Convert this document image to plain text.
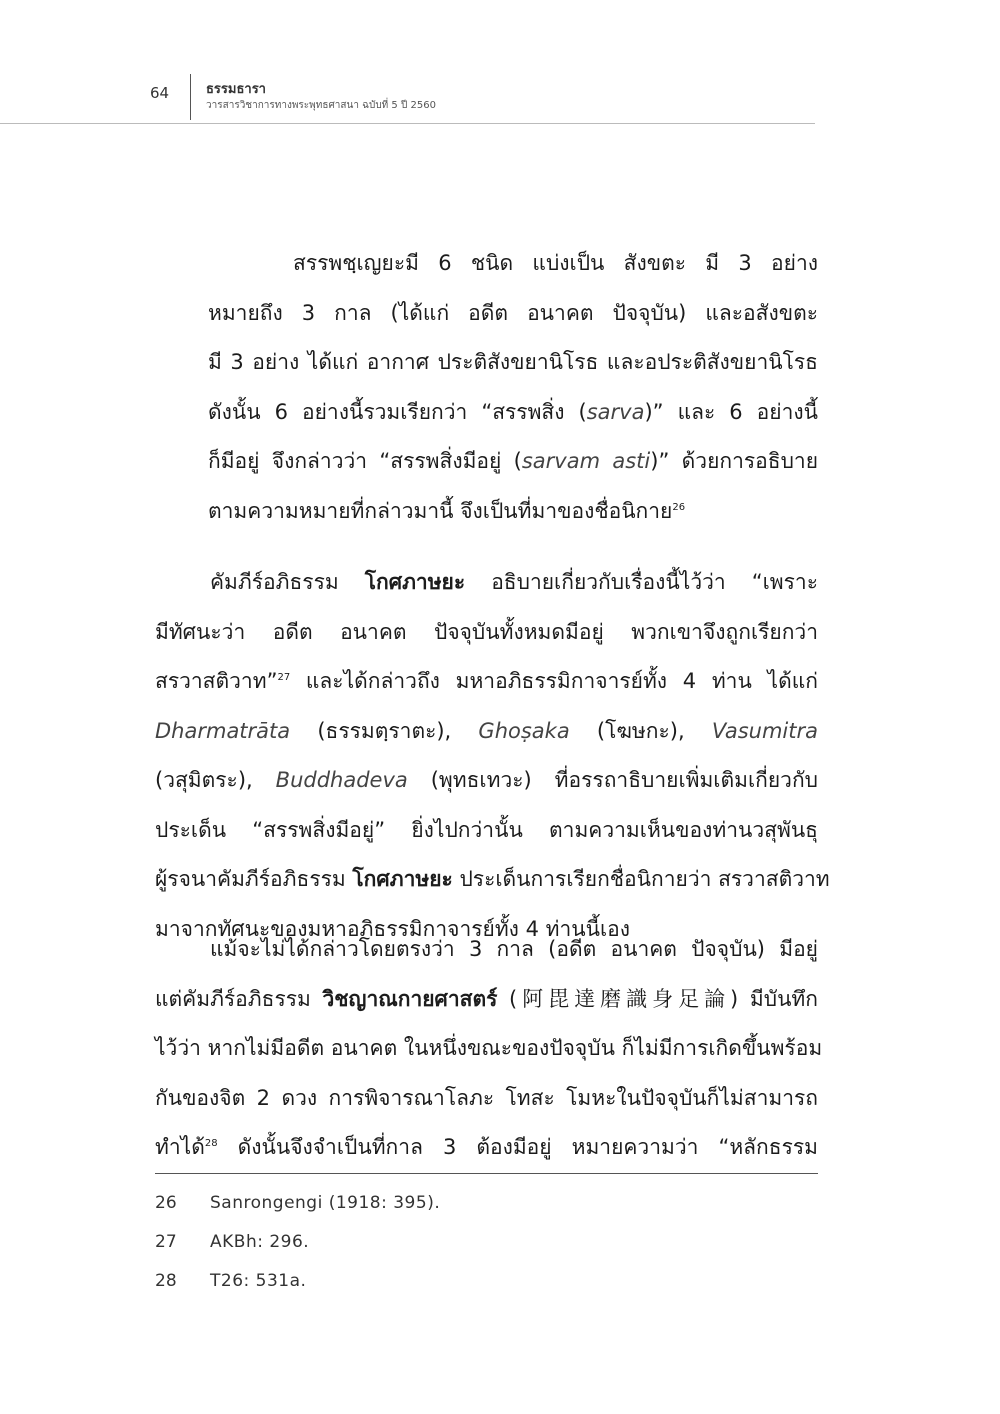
64	ธรรมธารา
วารสารวิชาการทางพระพุทธศาสนา ฉบับที่ 5 ปี 2560
สรรพชฺเญยะมี 6 ชนิด แบ่งเป็น สังขตะ มี 3 อย่าง
หมายถึง 3 กาล (ได้แก่ อดีต อนาคต ปัจจุบัน) และอสังขตะ
มี 3 อย่าง ได้แก่ อากาศ ประติสังขยานิโรธ และอประติสังขยานิโรธ
ดังนั้น 6 อย่างนี้รวมเรียกว่า “สรรพสิ่ง (sarva)” และ 6 อย่างนี้
ก็มีอยู่ จึงกล่าวว่า “สรรพสิ่งมีอยู่ (sarvam asti)” ด้วยการอธิบาย
ตามความหมายที่กล่าวมานี้ จึงเป็นที่มาของชื่อนิกาย$^{26}$
คัมภีร์อภิธรรม โกศภาษยะ อธิบายเกี่ยวกับเรื่องนี้ไว้ว่า “เพราะ
มีทัศนะว่า อดีต อนาคต ปัจจุบันทั้งหมดมีอยู่ พวกเขาจึงถูกเรียกว่า
สรวาสติวาท”$^{27}$ และได้กล่าวถึง มหาอภิธรรมิกาจารย์ทั้ง 4 ท่าน ได้แก่
Dharmatrāta (ธรรมตฺราตะ), Ghoṣaka (โฆษกะ), Vasumitra
(วสุมิตระ), Buddhadeva (พุทธเทวะ) ที่อรรถาธิบายเพิ่มเติมเกี่ยวกับ
ประเด็น “สรรพสิ่งมีอยู่” ยิ่งไปกว่านั้น ตามความเห็นของท่านวสุพันธุ
ผู้รจนาคัมภีร์อภิธรรม โกศภาษยะ ประเด็นการเรียกชื่อนิกายว่า สรวาสติวาท
มาจากทัศนะของมหาอภิธรรมิกาจารย์ทั้ง 4 ท่านนี้เอง
แม้จะไม่ได้กล่าวโดยตรงว่า 3 กาล (อดีต อนาคต ปัจจุบัน) มีอยู่
แต่คัมภีร์อภิธรรม วิชญาณกายศาสตร์ (阿毘達磨識身足論) มีบันทึก
ไว้ว่า หากไม่มีอดีต อนาคต ในหนึ่งขณะของปัจจุบัน ก็ไม่มีการเกิดขึ้นพร้อม
กันของจิต 2 ดวง การพิจารณาโลภะ โทสะ โมหะในปัจจุบันก็ไม่สามารถ
ทำได้$^{28}$ ดังนั้นจึงจำเป็นที่กาล 3 ต้องมีอยู่ หมายความว่า “หลักธรรม
26 Sanrongengi (1918: 395).
27 AKBh: 296.
28 T26: 531a.
